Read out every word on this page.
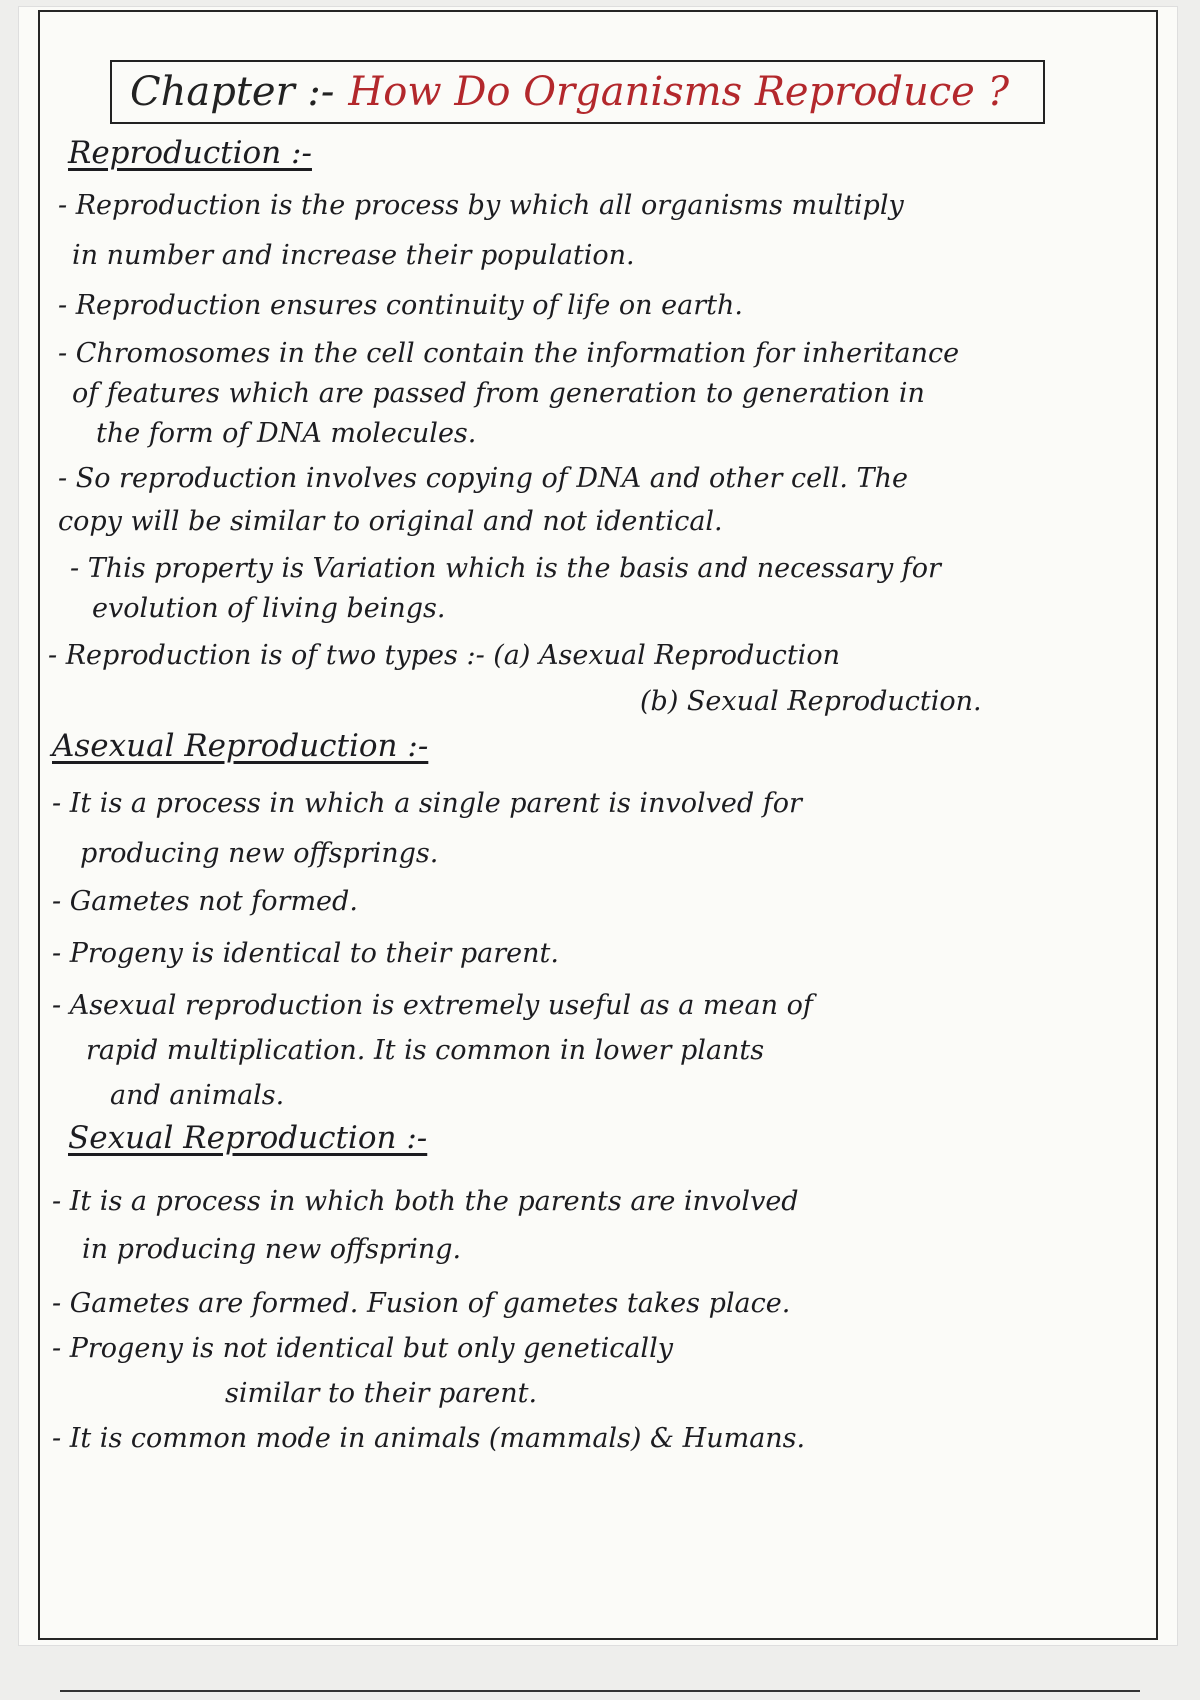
Chapter :- How Do Organisms Reproduce ?
Reproduction :-
- Reproduction is the process by which all organisms multiply
in number and increase their population.
- Reproduction ensures continuity of life on earth.
- Chromosomes in the cell contain the information for inheritance
of features which are passed from generation to generation in
the form of DNA molecules.
- So reproduction involves copying of DNA and other cell. The
copy will be similar to original and not identical.
- This property is Variation which is the basis and necessary for
evolution of living beings.
- Reproduction is of two types :- (a) Asexual Reproduction
(b) Sexual Reproduction.
Asexual Reproduction :-
- It is a process in which a single parent is involved for
producing new offsprings.
- Gametes not formed.
- Progeny is identical to their parent.
- Asexual reproduction is extremely useful as a mean of
rapid multiplication. It is common in lower plants
and animals.
Sexual Reproduction :-
- It is a process in which both the parents are involved
in producing new offspring.
- Gametes are formed. Fusion of gametes takes place.
- Progeny is not identical but only genetically
similar to their parent.
- It is common mode in animals (mammals) & Humans.
